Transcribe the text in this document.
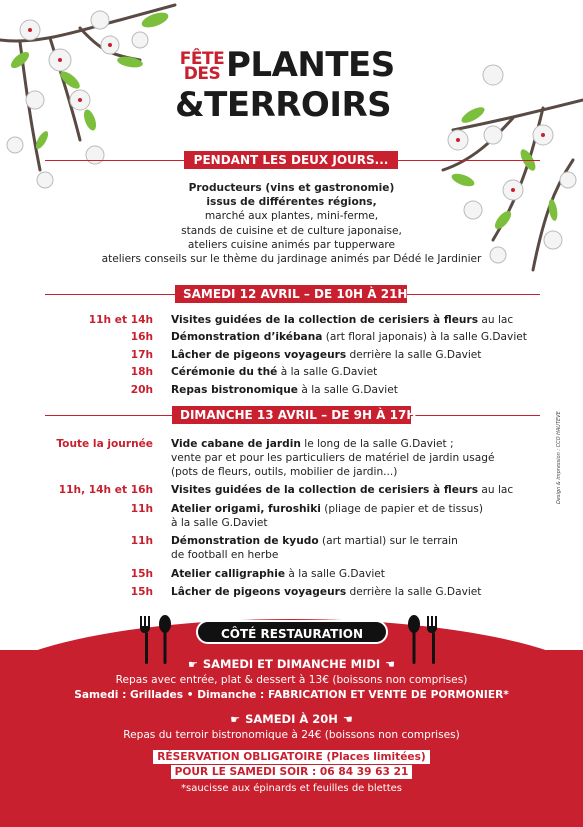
FÊTE
DES PLANTES
&TERROIRS
PENDANT LES DEUX JOURS...
Producteurs (vins et gastronomie)
issus de différentes régions,
marché aux plantes, mini-ferme,
stands de cuisine et de culture japonaise,
ateliers cuisine animés par tupperware
ateliers conseils sur le thème du jardinage animés par Dédé le Jardinier
SAMEDI 12 AVRIL – DE 10H À 21H
11h et 14h Visites guidées de la collection de cerisiers à fleurs au lac
16h Démonstration d’ikébana (art floral japonais) à la salle G.Daviet
17h Lâcher de pigeons voyageurs derrière la salle G.Daviet
18h Cérémonie du thé à la salle G.Daviet
20h Repas bistronomique à la salle G.Daviet
DIMANCHE 13 AVRIL – DE 9H À 17H
Toute la journée Vide cabane de jardin le long de la salle G.Daviet ;
vente par et pour les particuliers de matériel de jardin usagé
(pots de fleurs, outils, mobilier de jardin...)
11h, 14h et 16h Visites guidées de la collection de cerisiers à fleurs au lac
11h Atelier origami, furoshiki (pliage de papier et de tissus)
à la salle G.Daviet
11h Démonstration de kyudo (art martial) sur le terrain
de football en herbe
15h Atelier calligraphie à la salle G.Daviet
15h Lâcher de pigeons voyageurs derrière la salle G.Daviet
Design & impression : CCO HAUTEVE
CÔTÉ RESTAURATION
☛ SAMEDI ET DIMANCHE MIDI ☚
Repas avec entrée, plat & dessert à 13€ (boissons non comprises)
Samedi : Grillades • Dimanche : FABRICATION ET VENTE DE PORMONIER*
☛ SAMEDI À 20H ☚
Repas du terroir bistronomique à 24€ (boissons non comprises)
RÉSERVATION OBLIGATOIRE (Places limitées)
POUR LE SAMEDI SOIR : 06 84 39 63 21
*saucisse aux épinards et feuilles de blettes
